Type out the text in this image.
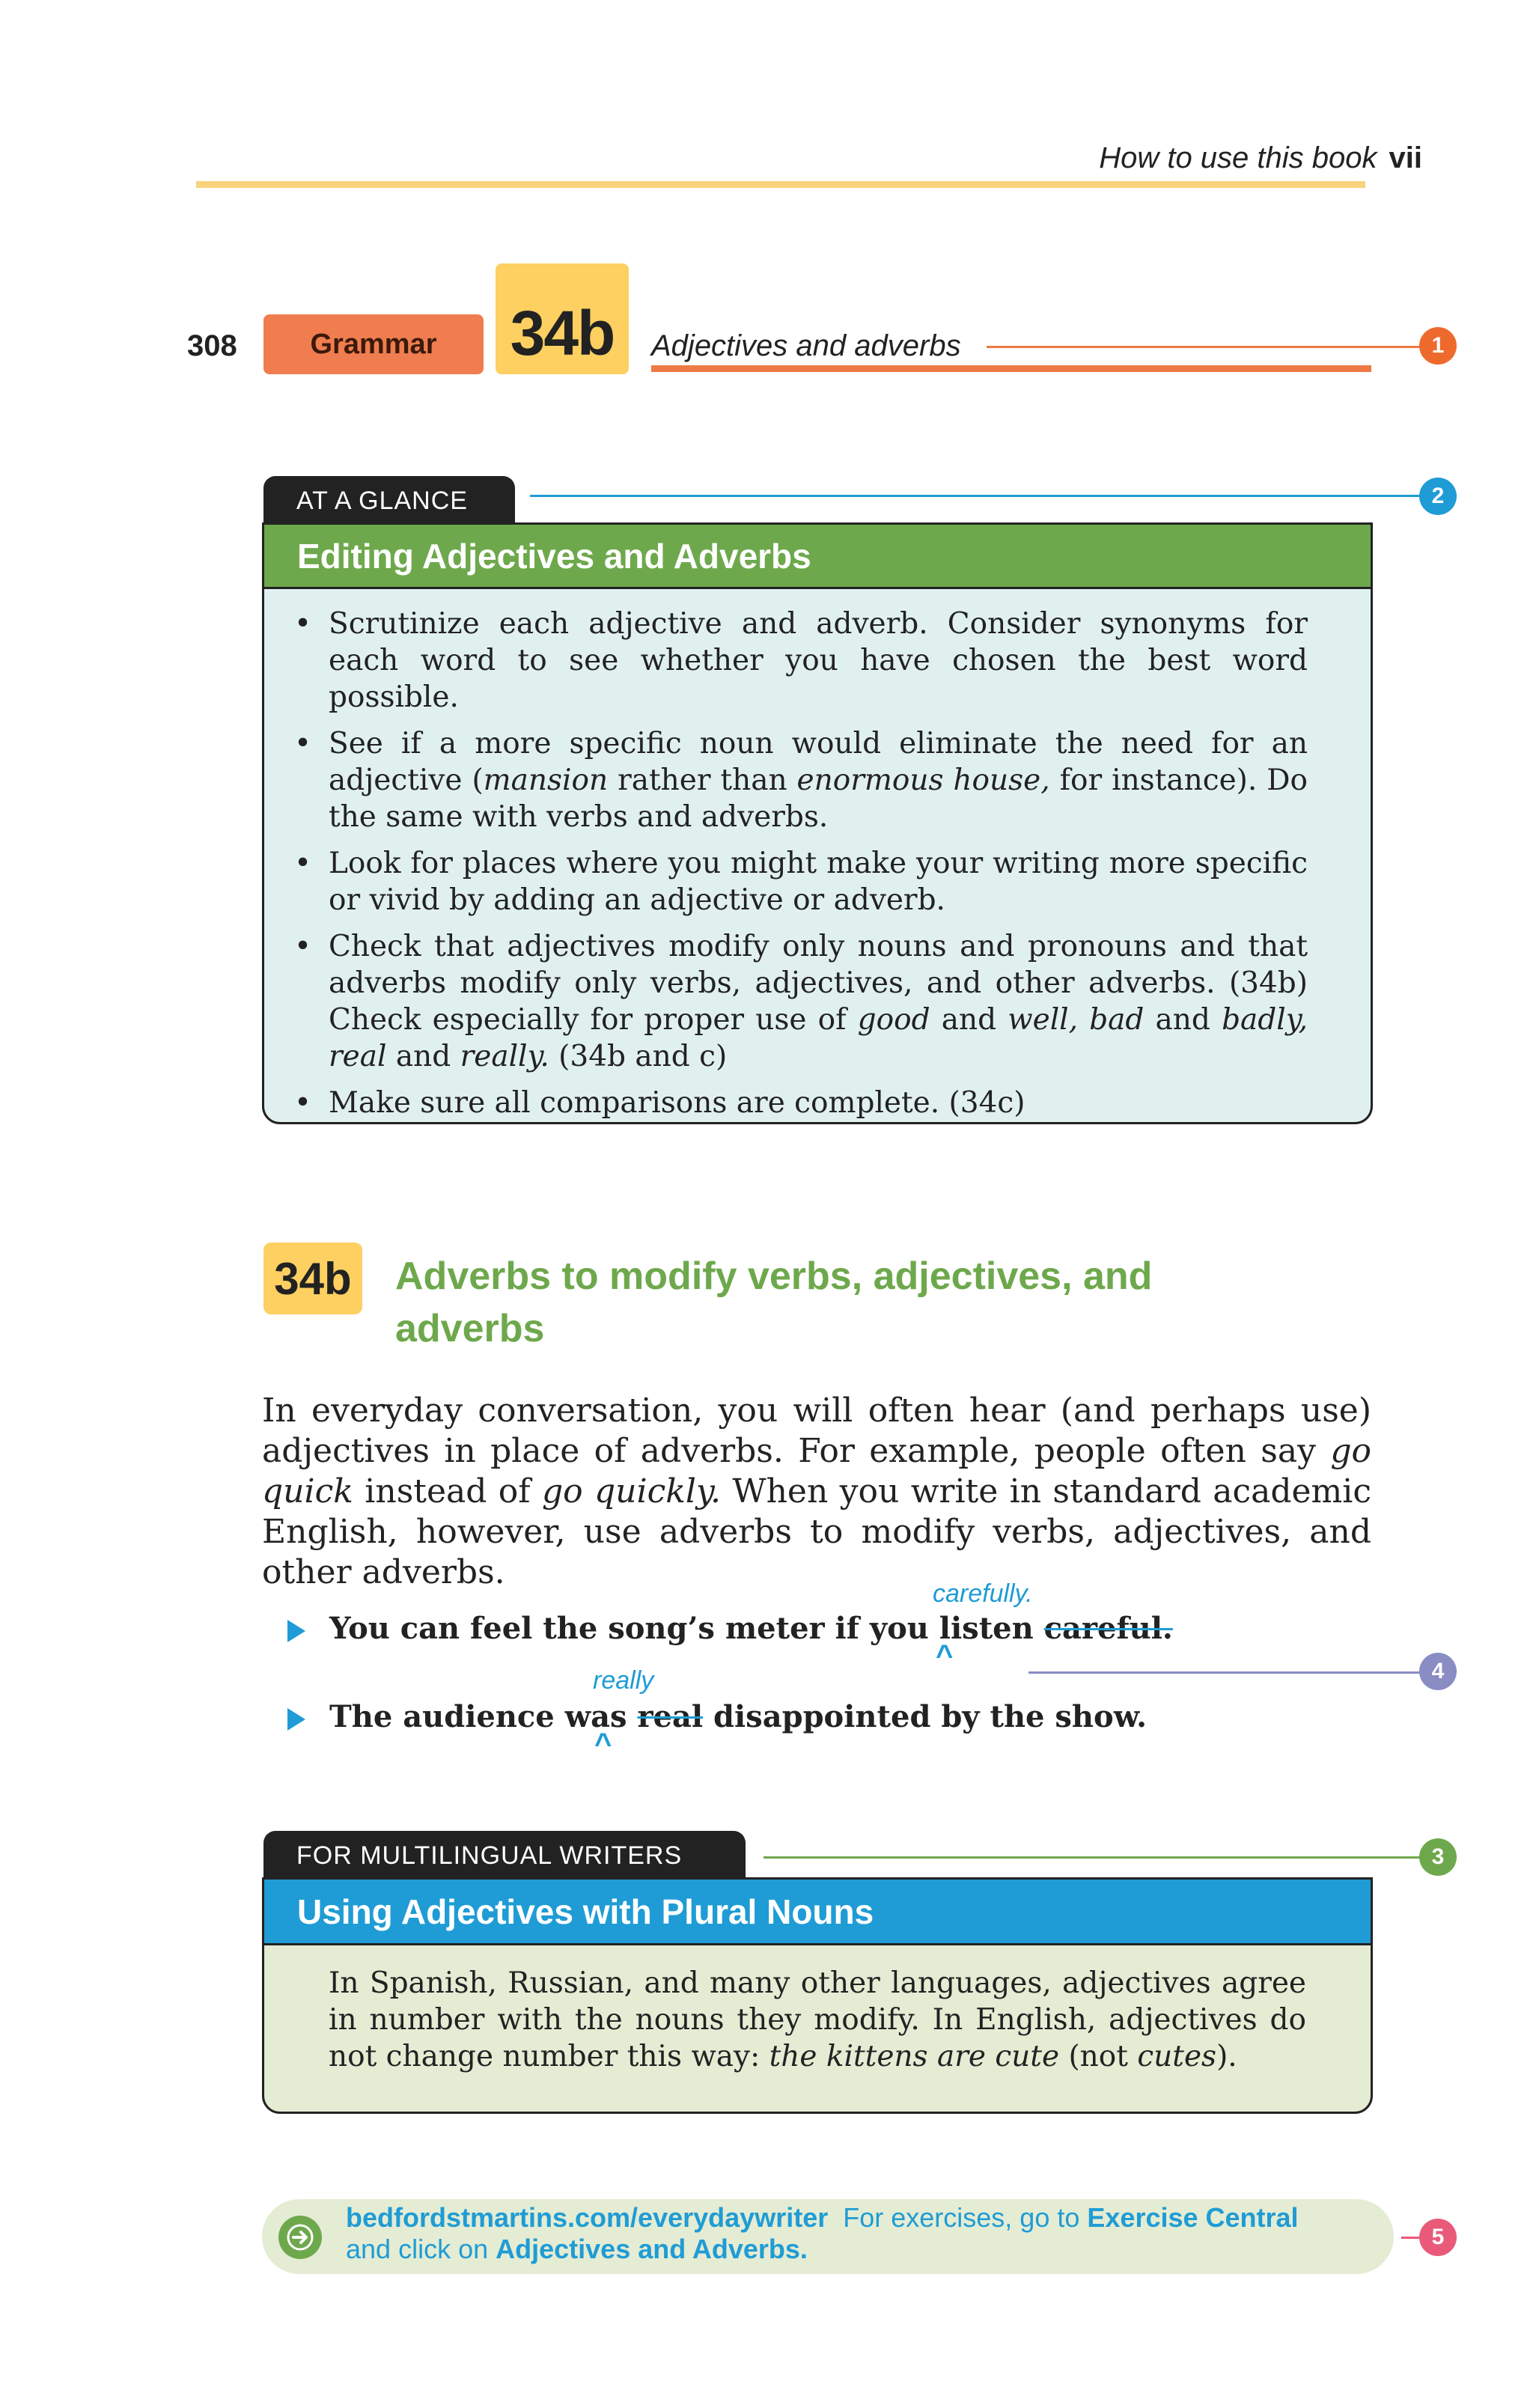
How to use this book vii
308	Grammar	34b	Adjectives and adverbs	1
AT A GLANCE	2
Editing Adjectives and Adverbs
• Scrutinize each adjective and adverb. Consider synonyms for each word to see whether you have chosen the best word possible.
• See if a more specific noun would eliminate the need for an adjective (mansion rather than enormous house, for instance). Do the same with verbs and adverbs.
• Look for places where you might make your writing more specific or vivid by adding an adjective or adverb.
• Check that adjectives modify only nouns and pronouns and that adverbs modify only verbs, adjectives, and other adverbs. (34b) Check especially for proper use of good and well, bad and badly, real and really. (34b and c)
• Make sure all comparisons are complete. (34c)
34b Adverbs to modify verbs, adjectives, and adverbs
In everyday conversation, you will often hear (and perhaps use) adjectives in place of adverbs. For example, people often say go quick instead of go quickly. When you write in standard academic English, however, use adverbs to modify verbs, adjectives, and other adverbs.
carefully.
You can feel the song’s meter if you listen careful.
^	4
really
The audience was real disappointed by the show.
^
FOR MULTILINGUAL WRITERS	3
Using Adjectives with Plural Nouns
In Spanish, Russian, and many other languages, adjectives agree in number with the nouns they modify. In English, adjectives do not change number this way: the kittens are cute (not cutes).
bedfordstmartins.com/everydaywriter For exercises, go to Exercise Central and click on Adjectives and Adverbs.	5
